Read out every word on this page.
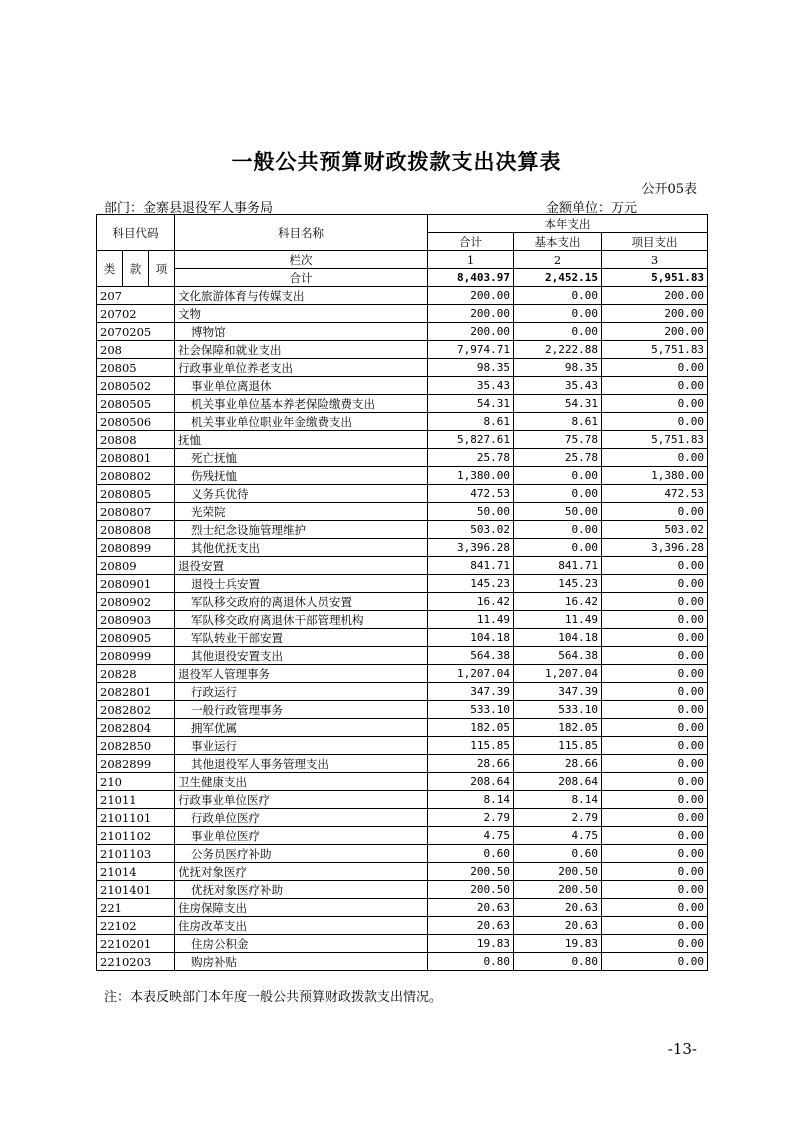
一般公共预算财政拨款支出决算表
公开05表
部门：金寨县退役军人事务局	金额单位：万元
科目代码			科目名称	本年支出		
				合计	基本支出	项目支出
类	款	项	栏次	1	2	3
			合计	8,403.97	2,452.15	5,951.83
207			文化旅游体育与传媒支出	200.00	0.00	200.00
20702			文物	200.00	0.00	200.00
2070205			博物馆	200.00	0.00	200.00
208			社会保障和就业支出	7,974.71	2,222.88	5,751.83
20805			行政事业单位养老支出	98.35	98.35	0.00
2080502			事业单位离退休	35.43	35.43	0.00
2080505			机关事业单位基本养老保险缴费支出	54.31	54.31	0.00
2080506			机关事业单位职业年金缴费支出	8.61	8.61	0.00
20808			抚恤	5,827.61	75.78	5,751.83
2080801			死亡抚恤	25.78	25.78	0.00
2080802			伤残抚恤	1,380.00	0.00	1,380.00
2080805			义务兵优待	472.53	0.00	472.53
2080807			光荣院	50.00	50.00	0.00
2080808			烈士纪念设施管理维护	503.02	0.00	503.02
2080899			其他优抚支出	3,396.28	0.00	3,396.28
20809			退役安置	841.71	841.71	0.00
2080901			退役士兵安置	145.23	145.23	0.00
2080902			军队移交政府的离退休人员安置	16.42	16.42	0.00
2080903			军队移交政府离退休干部管理机构	11.49	11.49	0.00
2080905			军队转业干部安置	104.18	104.18	0.00
2080999			其他退役安置支出	564.38	564.38	0.00
20828			退役军人管理事务	1,207.04	1,207.04	0.00
2082801			行政运行	347.39	347.39	0.00
2082802			一般行政管理事务	533.10	533.10	0.00
2082804			拥军优属	182.05	182.05	0.00
2082850			事业运行	115.85	115.85	0.00
2082899			其他退役军人事务管理支出	28.66	28.66	0.00
210			卫生健康支出	208.64	208.64	0.00
21011			行政事业单位医疗	8.14	8.14	0.00
2101101			行政单位医疗	2.79	2.79	0.00
2101102			事业单位医疗	4.75	4.75	0.00
2101103			公务员医疗补助	0.60	0.60	0.00
21014			优抚对象医疗	200.50	200.50	0.00
2101401			优抚对象医疗补助	200.50	200.50	0.00
221			住房保障支出	20.63	20.63	0.00
22102			住房改革支出	20.63	20.63	0.00
2210201			住房公积金	19.83	19.83	0.00
2210203			购房补贴	0.80	0.80	0.00
注：本表反映部门本年度一般公共预算财政拨款支出情况。
-13-
